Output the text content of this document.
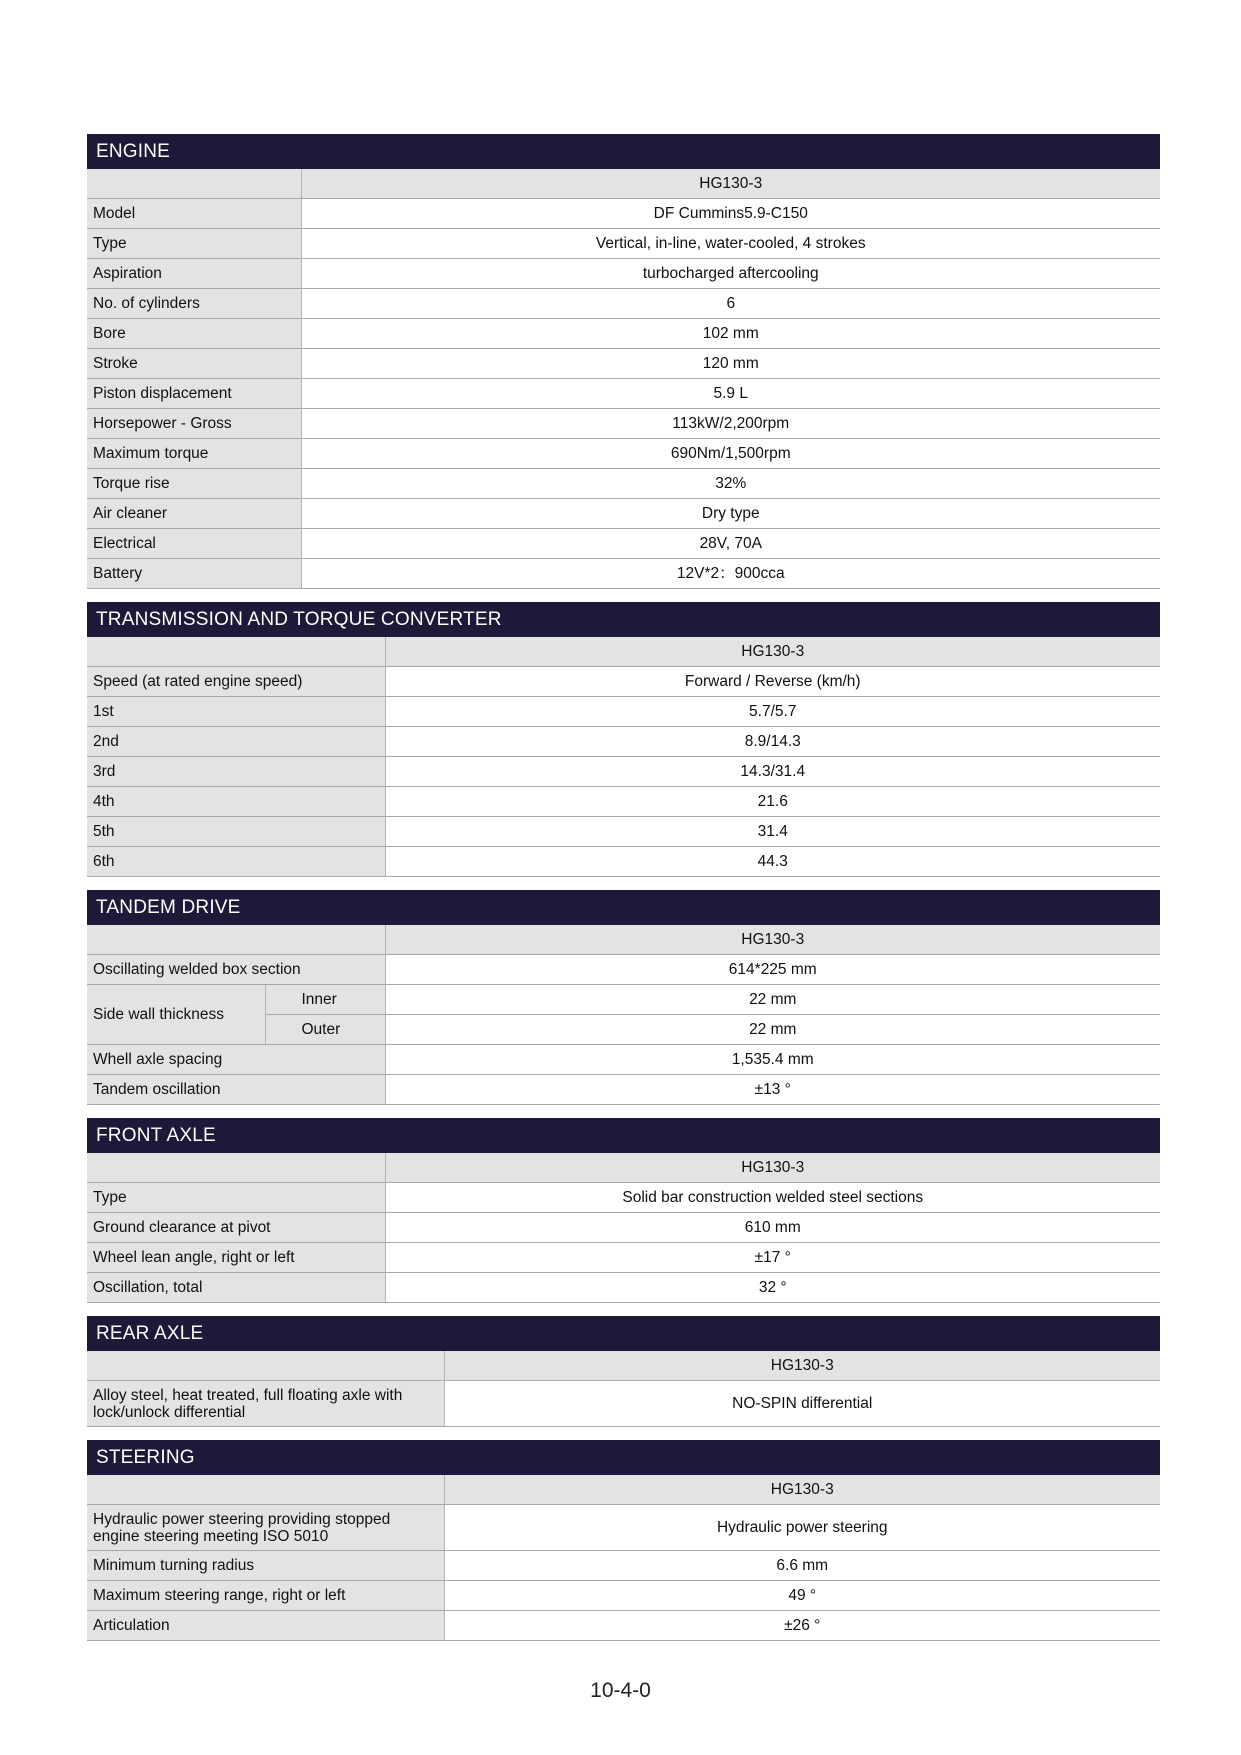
ENGINE
	HG130-3
Model	DF Cummins5.9-C150
Type	Vertical, in-line, water-cooled, 4 strokes
Aspiration	turbocharged aftercooling
No. of cylinders	6
Bore	102 mm
Stroke	120 mm
Piston displacement	5.9 L
Horsepower - Gross	113kW/2,200rpm
Maximum torque	690Nm/1,500rpm
Torque rise	32%
Air cleaner	Dry type
Electrical	28V, 70A
Battery	12V*2：900cca
TRANSMISSION AND TORQUE CONVERTER
	HG130-3
Speed (at rated engine speed)	Forward / Reverse (km/h)
1st	5.7/5.7
2nd	8.9/14.3
3rd	14.3/31.4
4th	21.6
5th	31.4
6th	44.3
TANDEM DRIVE
		HG130-3
Oscillating welded box section		614*225 mm
Side wall thickness	Inner	22 mm
	Outer	22 mm
Whell axle spacing		1,535.4 mm
Tandem oscillation		±13 °
FRONT AXLE
	HG130-3
Type	Solid bar construction welded steel sections
Ground clearance at pivot	610 mm
Wheel lean angle, right or left	±17 °
Oscillation, total	32 °
REAR AXLE
	HG130-3
Alloy steel, heat treated, full floating axle with lock/unlock differential	NO-SPIN differential
STEERING
	HG130-3
Hydraulic power steering providing stopped engine steering meeting ISO 5010	Hydraulic power steering
Minimum turning radius	6.6 mm
Maximum steering range, right or left	49 °
Articulation	±26 °
10-4-0
